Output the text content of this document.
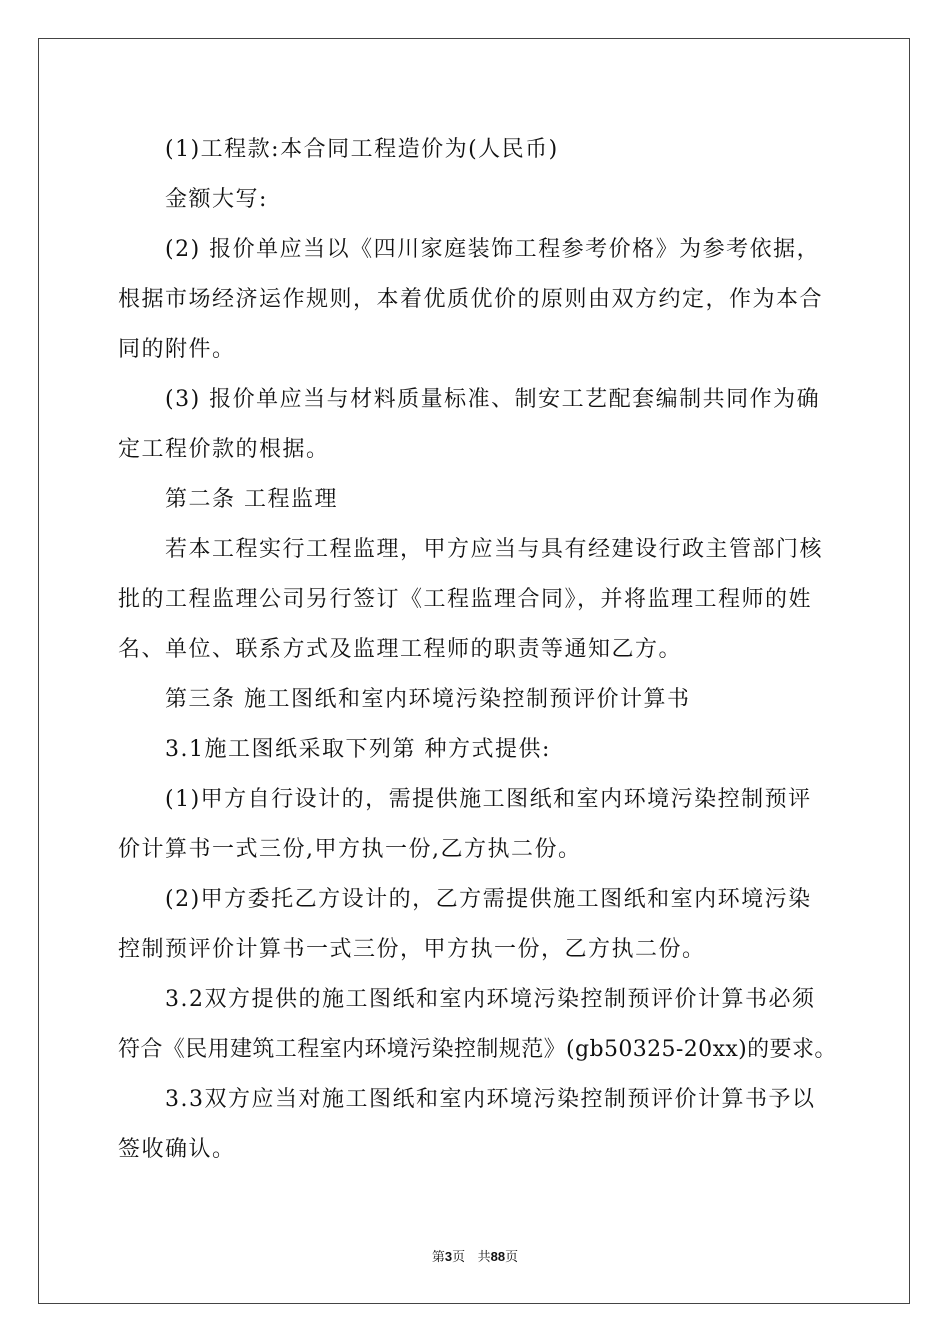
(1)工程款:本合同工程造价为(人民币)
金额大写:
(2) 报价单应当以《四川家庭装饰工程参考价格》为参考依据，
根据市场经济运作规则，本着优质优价的原则由双方约定，作为本合
同的附件。
(3) 报价单应当与材料质量标准、制安工艺配套编制共同作为确
定工程价款的根据。
第二条 工程监理
若本工程实行工程监理，甲方应当与具有经建设行政主管部门核
批的工程监理公司另行签订《工程监理合同》，并将监理工程师的姓
名、单位、联系方式及监理工程师的职责等通知乙方。
第三条 施工图纸和室内环境污染控制预评价计算书
3.1施工图纸采取下列第 种方式提供:
(1)甲方自行设计的，需提供施工图纸和室内环境污染控制预评
价计算书一式三份,甲方执一份,乙方执二份。
(2)甲方委托乙方设计的，乙方需提供施工图纸和室内环境污染
控制预评价计算书一式三份，甲方执一份，乙方执二份。
3.2双方提供的施工图纸和室内环境污染控制预评价计算书必须
符合《民用建筑工程室内环境污染控制规范》(gb50325-20xx)的要求。
3.3双方应当对施工图纸和室内环境污染控制预评价计算书予以
签收确认。
第3页 共88页
